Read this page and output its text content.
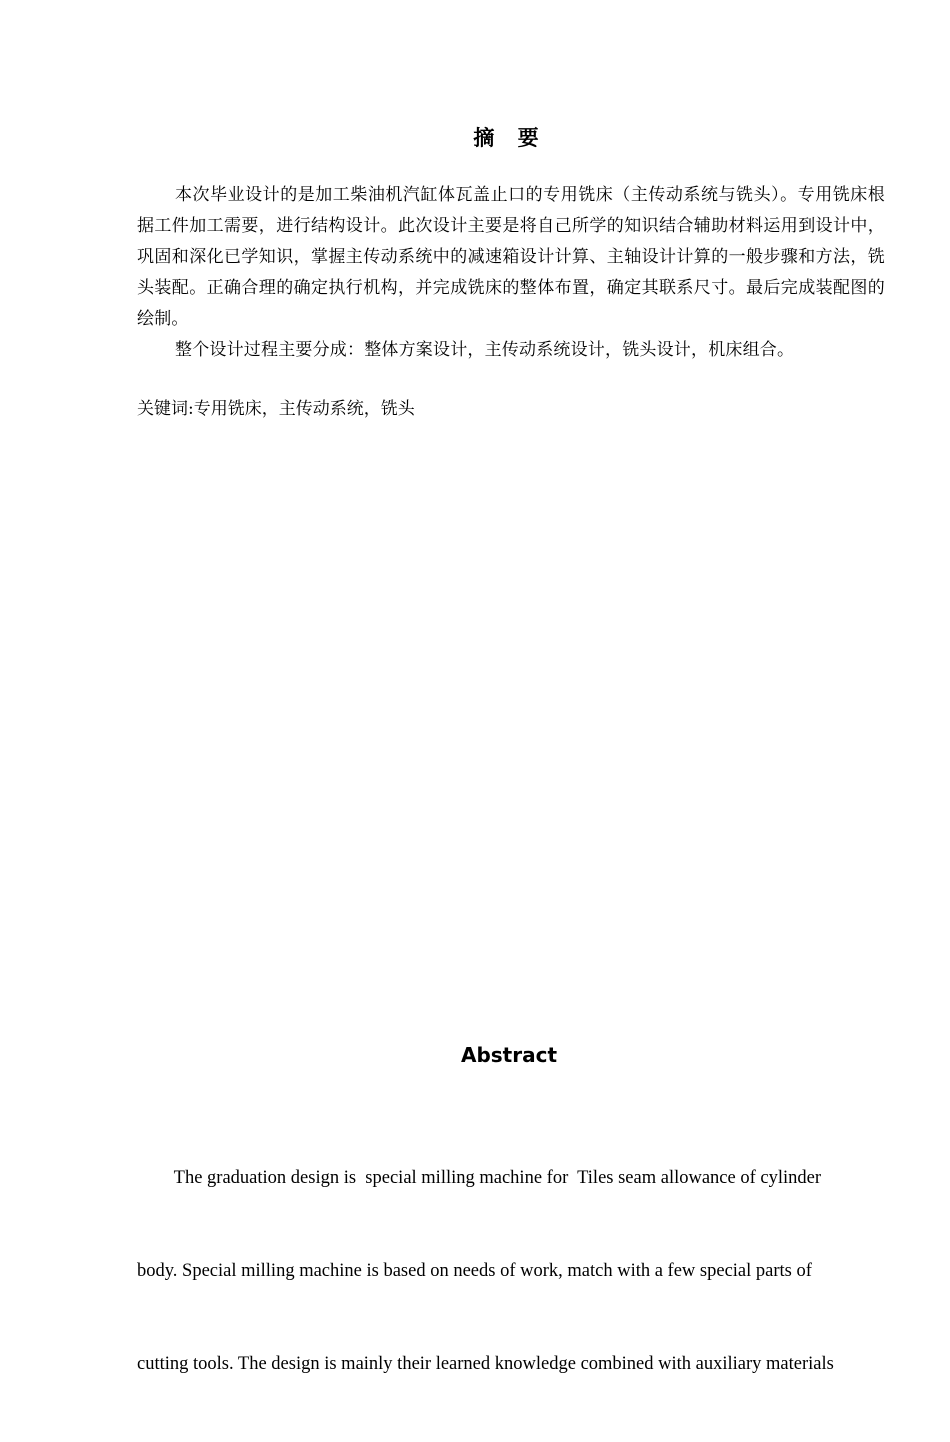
摘 要

本次毕业设计的是加工柴油机汽缸体瓦盖止口的专用铣床（主传动系统与铣头）。专用铣床根据工件加工需要，进行结构设计。此次设计主要是将自己所学的知识结合辅助材料运用到设计中，巩固和深化已学知识，掌握主传动系统中的减速箱设计计算、主轴设计计算的一般步骤和方法，铣头装配。正确合理的确定执行机构，并完成铣床的整体布置，确定其联系尺寸。最后完成装配图的绘制。

整个设计过程主要分成：整体方案设计，主传动系统设计，铣头设计，机床组合。

关键词:专用铣床，主传动系统，铣头
Abstract

The graduation design is  special milling machine for  Tiles seam allowance of cylinder

body. Special milling machine is based on needs of work, match with a few special parts of

cutting tools. The design is mainly their learned knowledge combined with auxiliary materials
